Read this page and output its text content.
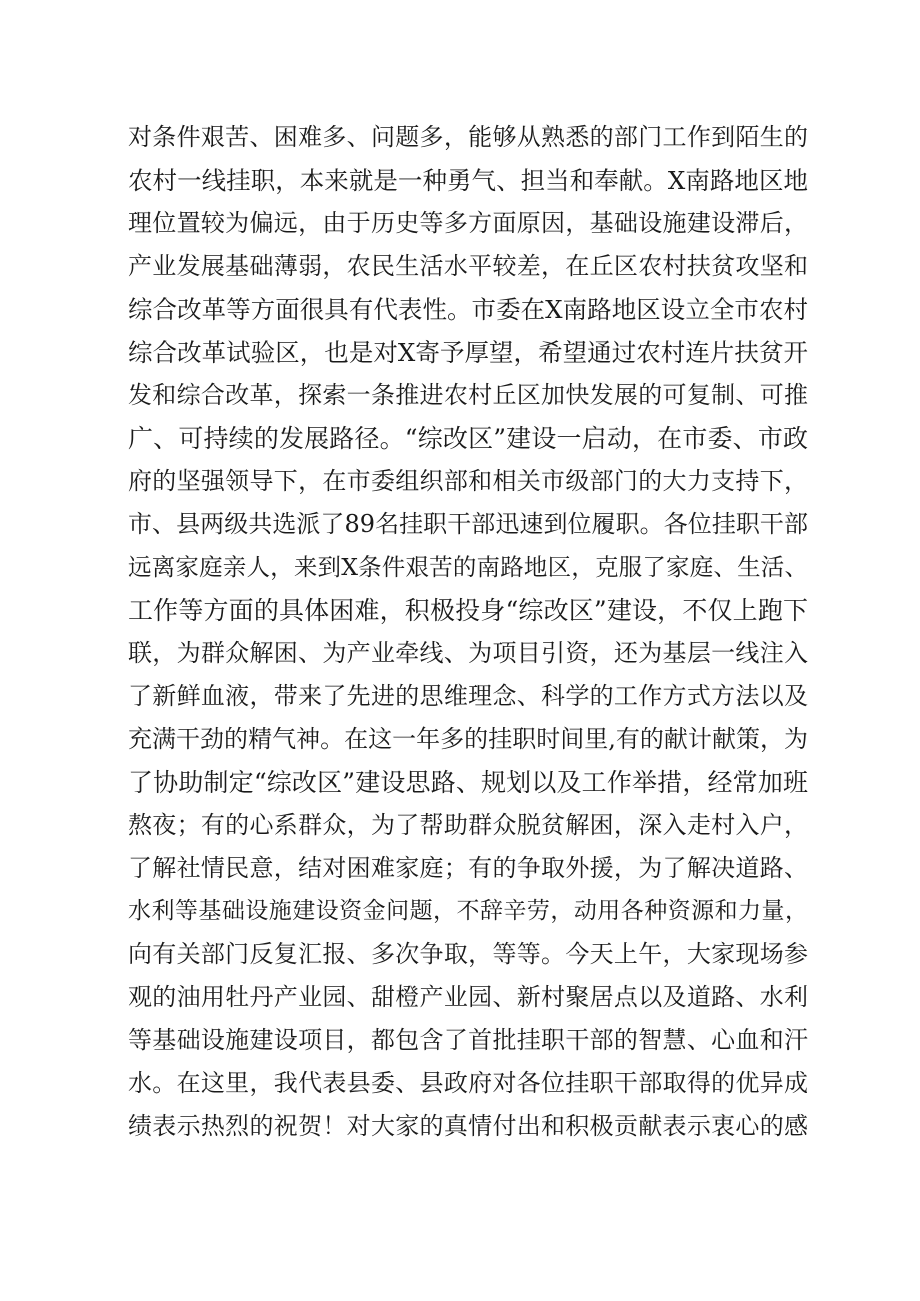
对条件艰苦、困难多、问题多，能够从熟悉的部门工作到陌生的
农村一线挂职，本来就是一种勇气、担当和奉献。X南路地区地
理位置较为偏远，由于历史等多方面原因，基础设施建设滞后，
产业发展基础薄弱，农民生活水平较差，在丘区农村扶贫攻坚和
综合改革等方面很具有代表性。市委在X南路地区设立全市农村
综合改革试验区，也是对X寄予厚望，希望通过农村连片扶贫开
发和综合改革，探索一条推进农村丘区加快发展的可复制、可推
广、可持续的发展路径。“综改区”建设一启动，在市委、市政
府的坚强领导下，在市委组织部和相关市级部门的大力支持下，
市、县两级共选派了89名挂职干部迅速到位履职。各位挂职干部
远离家庭亲人，来到X条件艰苦的南路地区，克服了家庭、生活、
工作等方面的具体困难，积极投身“综改区”建设，不仅上跑下
联，为群众解困、为产业牵线、为项目引资，还为基层一线注入
了新鲜血液，带来了先进的思维理念、科学的工作方式方法以及
充满干劲的精气神。在这一年多的挂职时间里,有的献计献策，为
了协助制定“综改区”建设思路、规划以及工作举措，经常加班
熬夜；有的心系群众，为了帮助群众脱贫解困，深入走村入户，
了解社情民意，结对困难家庭；有的争取外援，为了解决道路、
水利等基础设施建设资金问题，不辞辛劳，动用各种资源和力量，
向有关部门反复汇报、多次争取，等等。今天上午，大家现场参
观的油用牡丹产业园、甜橙产业园、新村聚居点以及道路、水利
等基础设施建设项目，都包含了首批挂职干部的智慧、心血和汗
水。在这里，我代表县委、县政府对各位挂职干部取得的优异成
绩表示热烈的祝贺！对大家的真情付出和积极贡献表示衷心的感
